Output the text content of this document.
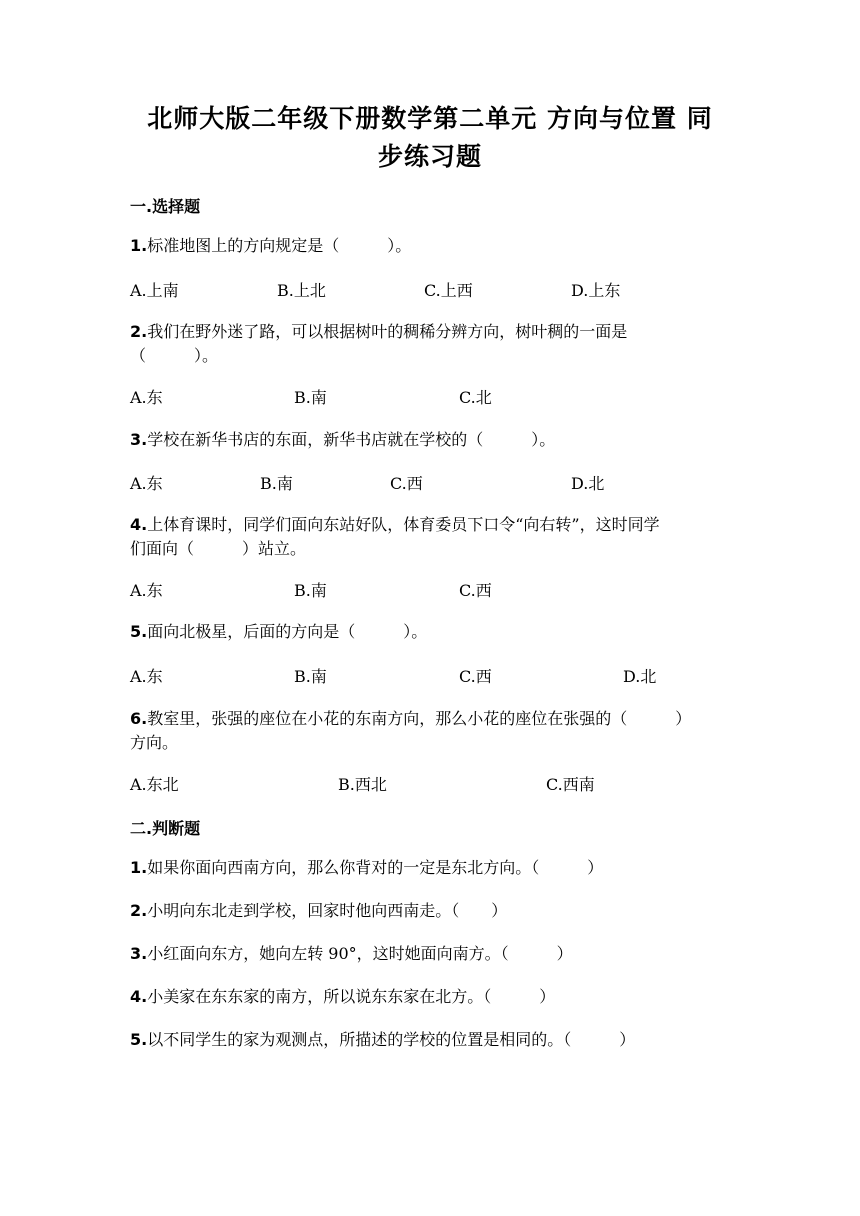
北师大版二年级下册数学第二单元 方向与位置 同
步练习题
一.选择题
1.标准地图上的方向规定是（　　　）。
A.上南	B.上北	C.上西	D.上东
2.我们在野外迷了路，可以根据树叶的稠稀分辨方向，树叶稠的一面是
（　　　）。
A.东	B.南	C.北
3.学校在新华书店的东面，新华书店就在学校的（　　　）。
A.东	B.南	C.西	D.北
4.上体育课时，同学们面向东站好队，体育委员下口令“向右转”，这时同学
们面向（　　　）站立。
A.东	B.南	C.西
5.面向北极星，后面的方向是（　　　）。
A.东	B.南	C.西	D.北
6.教室里，张强的座位在小花的东南方向，那么小花的座位在张强的（　　　）
方向。
A.东北	B.西北	C.西南
二.判断题
1.如果你面向西南方向，那么你背对的一定是东北方向。（　　　）
2.小明向东北走到学校，回家时他向西南走。（　　）
3.小红面向东方，她向左转 90°，这时她面向南方。（　　　）
4.小美家在东东家的南方，所以说东东家在北方。（　　　）
5.以不同学生的家为观测点，所描述的学校的位置是相同的。（　　　）
